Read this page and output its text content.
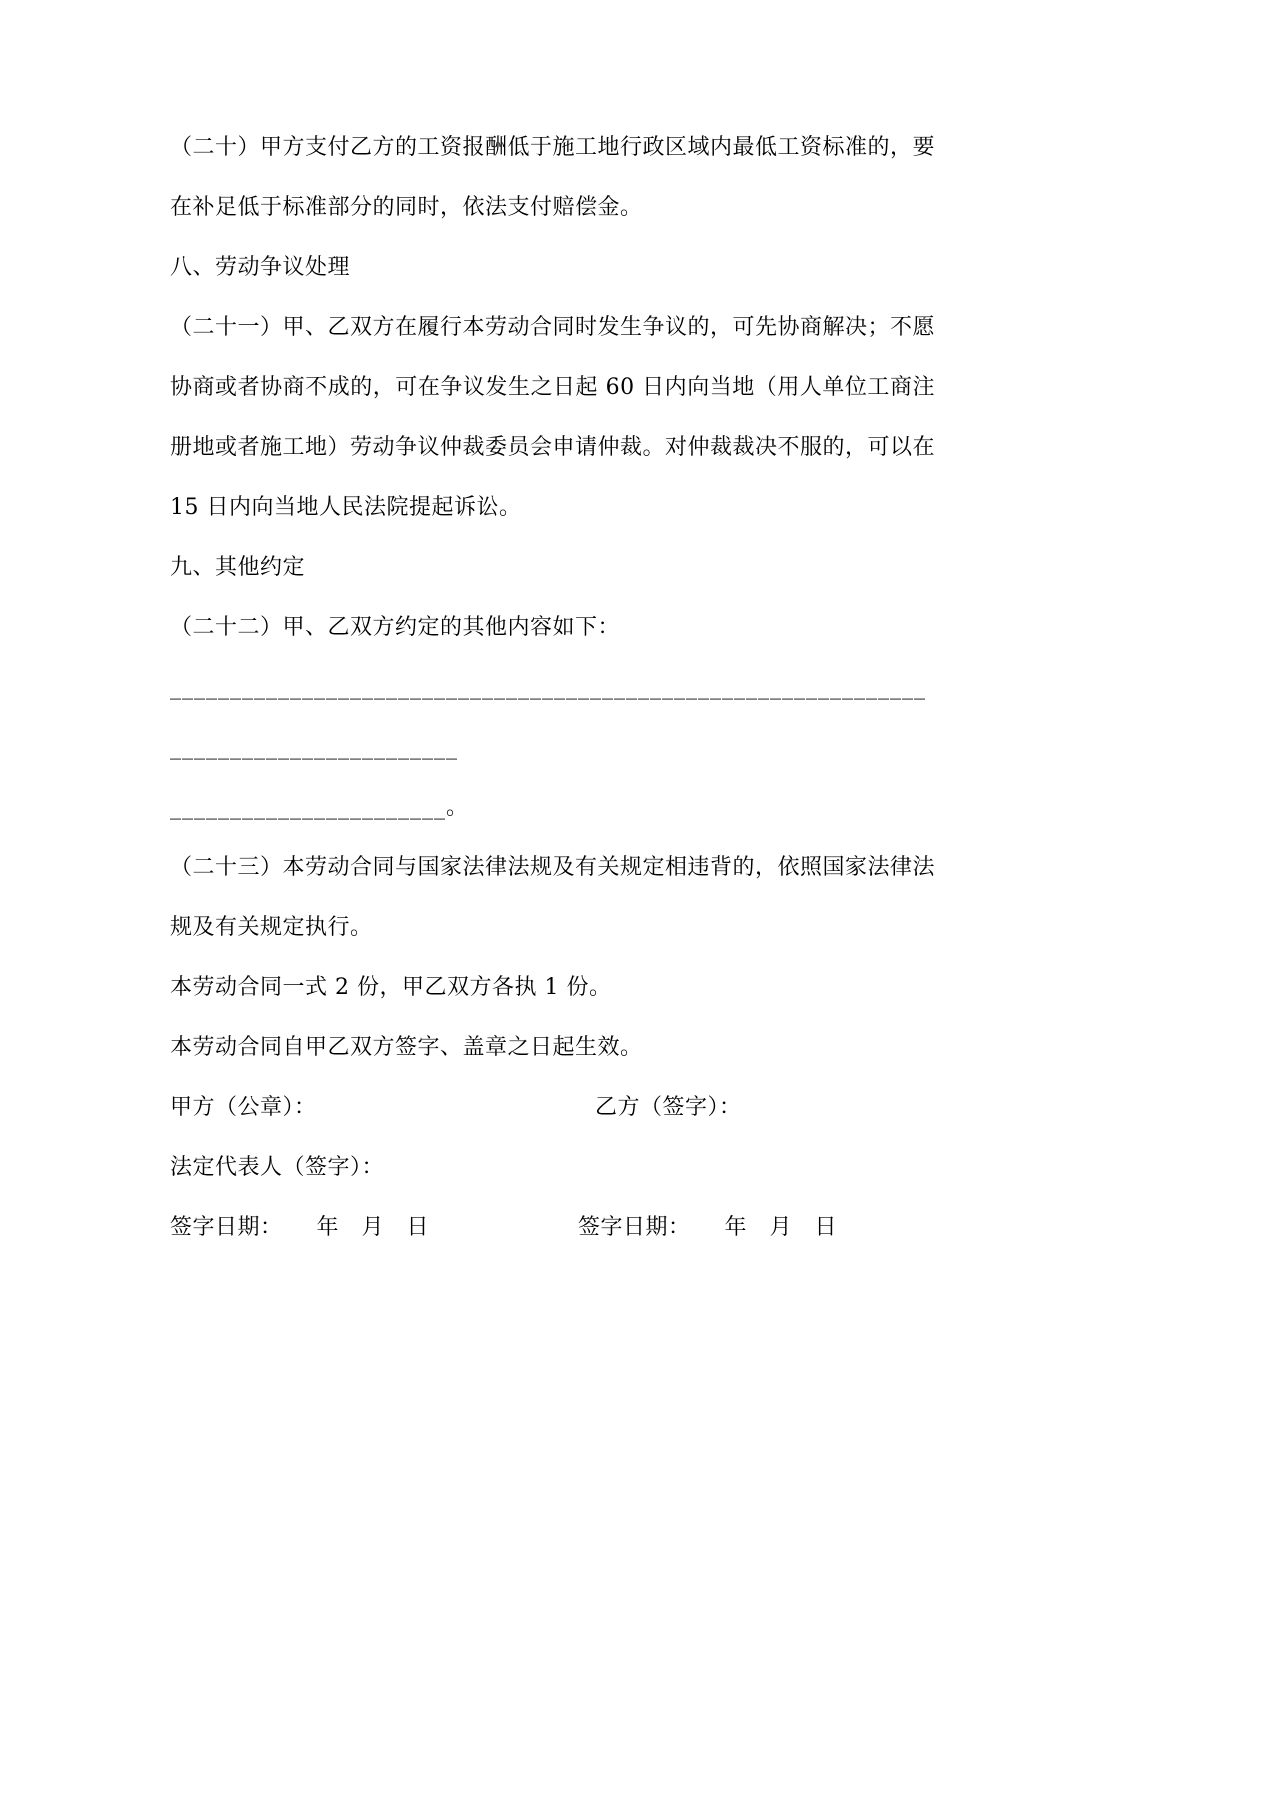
（二十）甲方支付乙方的工资报酬低于施工地行政区域内最低工资标准的，要在补足低于标准部分的同时，依法支付赔偿金。

八、劳动争议处理

（二十一）甲、乙双方在履行本劳动合同时发生争议的，可先协商解决；不愿协商或者协商不成的，可在争议发生之日起 60 日内向当地（用人单位工商注册地或者施工地）劳动争议仲裁委员会申请仲裁。对仲裁裁决不服的，可以在 15 日内向当地人民法院提起诉讼。

九、其他约定

（二十二）甲、乙双方约定的其他内容如下：

_______________________________________________________________________________________

_______________________。

（二十三）本劳动合同与国家法律法规及有关规定相违背的，依照国家法律法规及有关规定执行。

本劳动合同一式 2 份，甲乙双方各执 1 份。

本劳动合同自甲乙双方签字、盖章之日起生效。

甲方（公章）：	乙方（签字）：
法定代表人（签字）：
签字日期：　　年　月　日	签字日期：　　年　月　日
